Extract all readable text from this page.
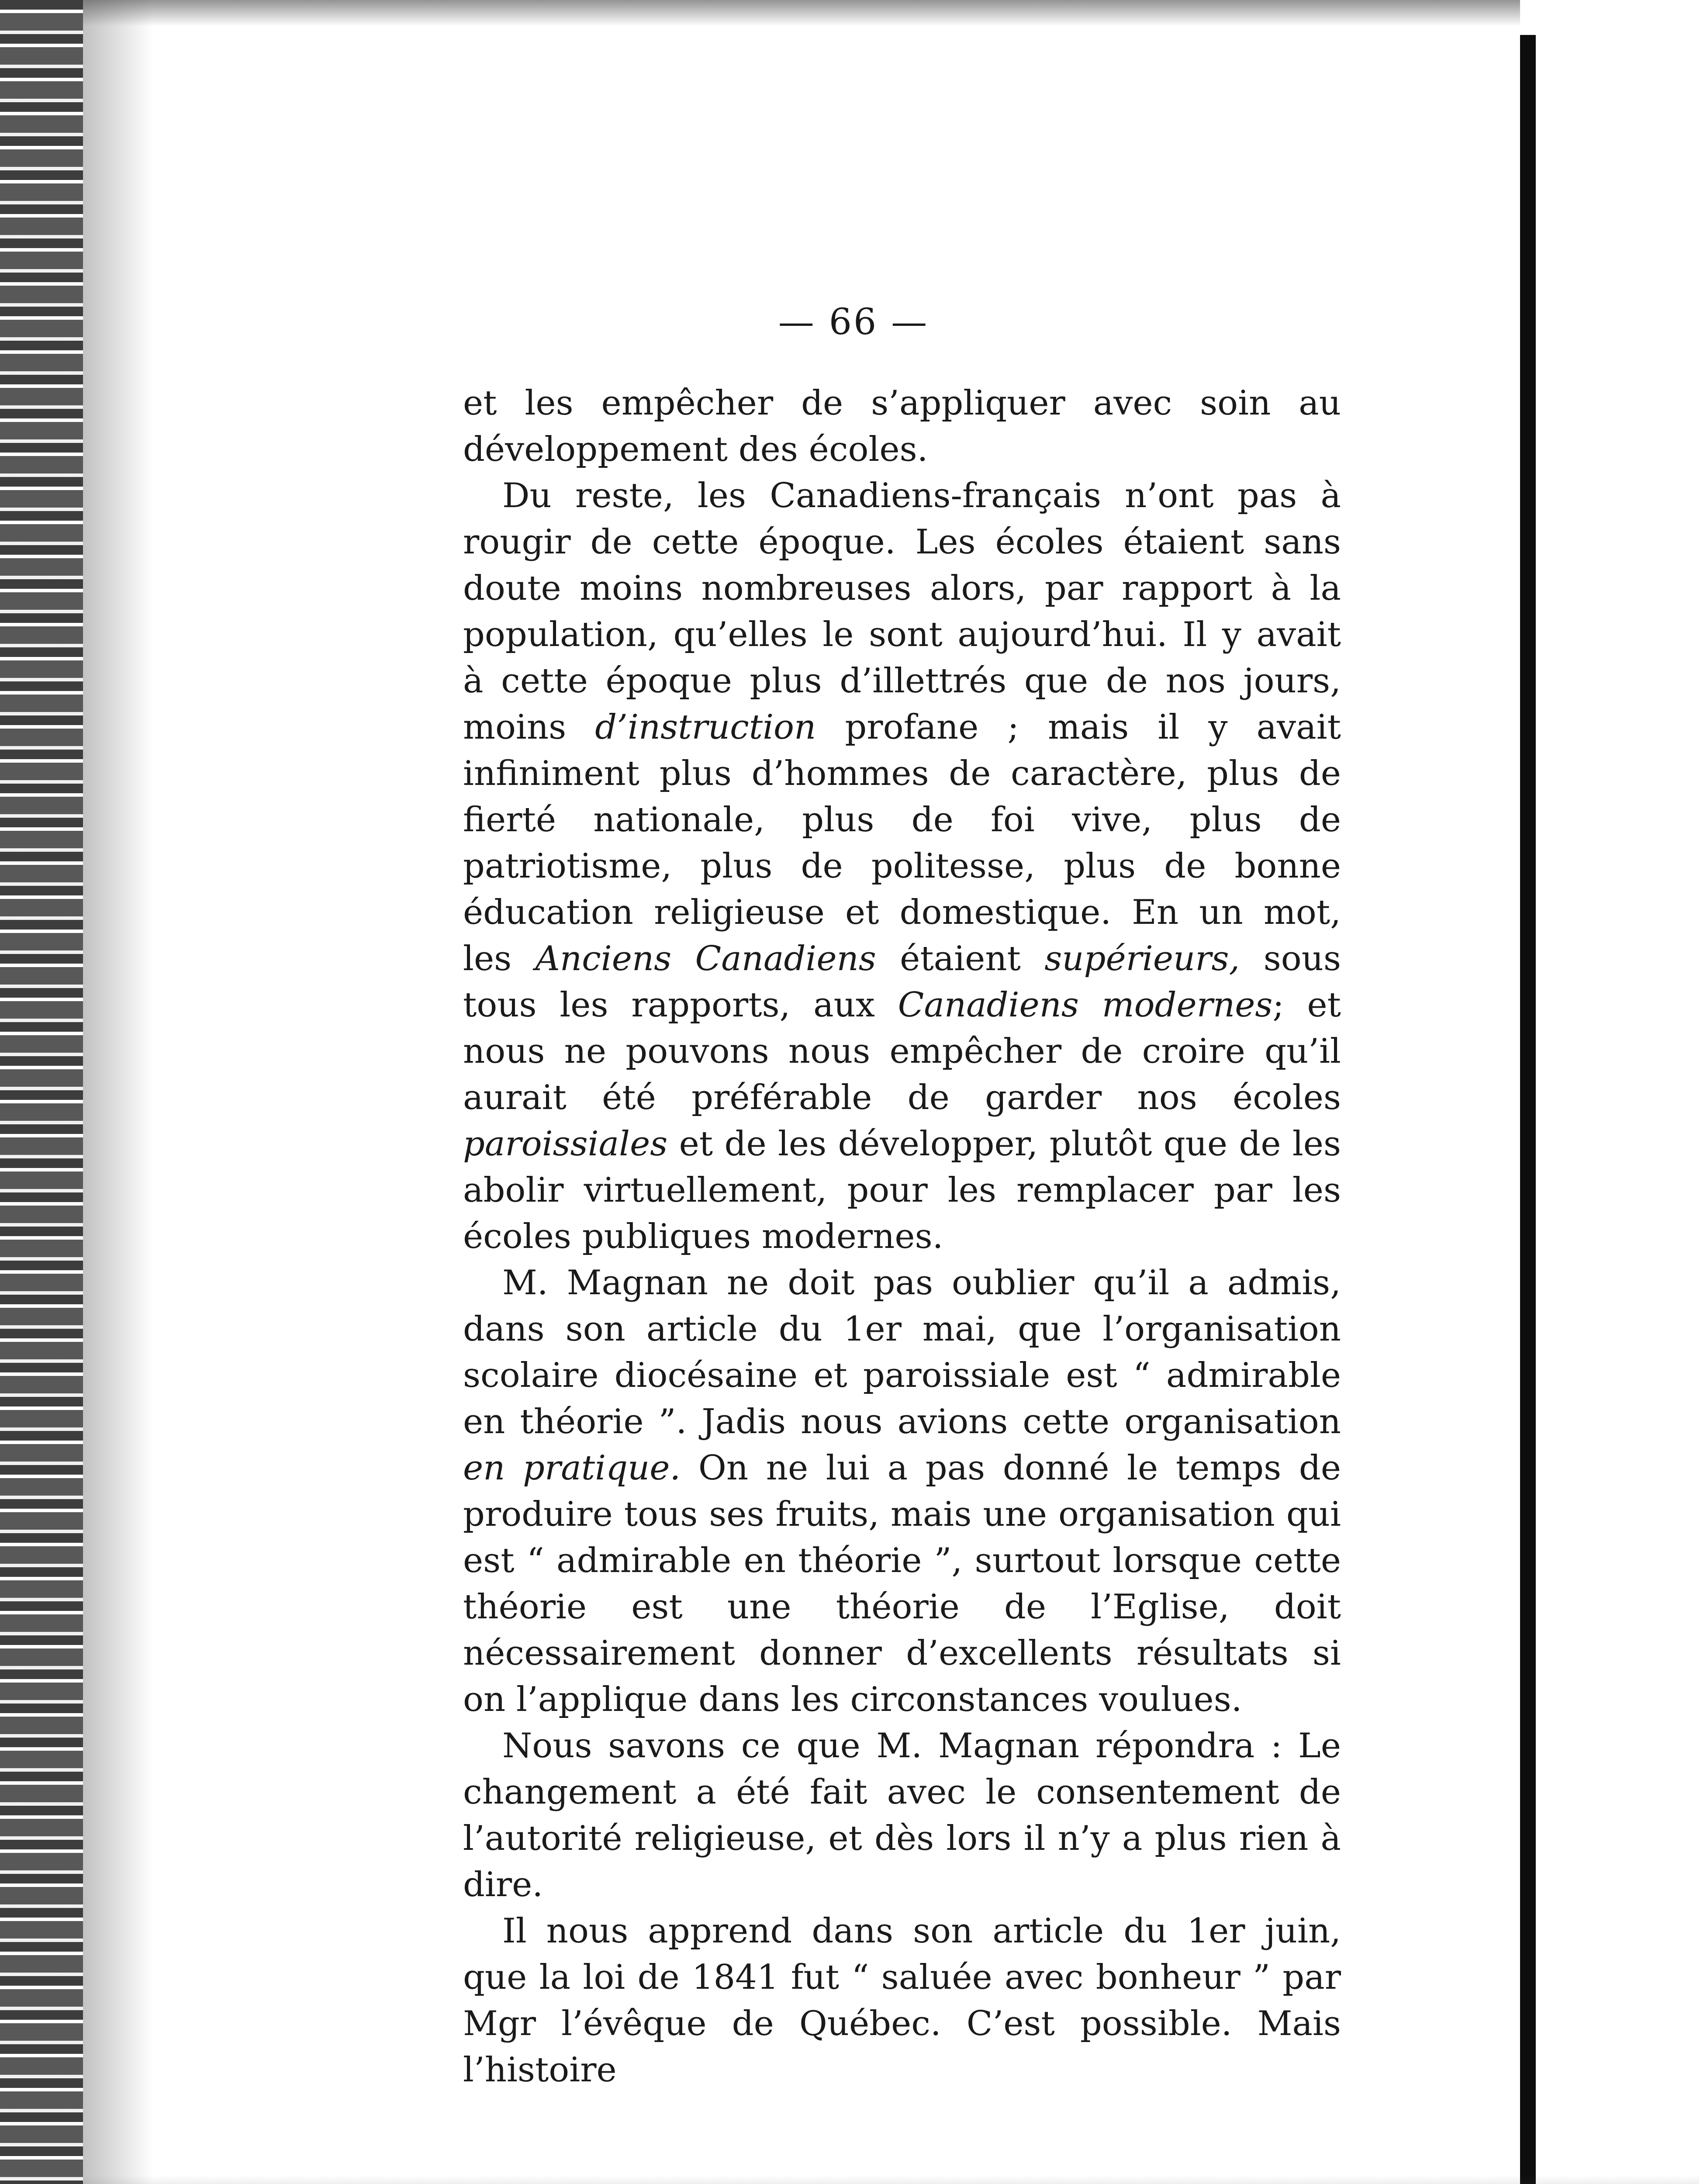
— 66 —

et les empêcher de s’appliquer avec soin au développement des écoles.

Du reste, les Canadiens-français n’ont pas à rougir de cette époque. Les écoles étaient sans doute moins nombreuses alors, par rapport à la population, qu’elles le sont aujourd’hui. Il y avait à cette époque plus d’illettrés que de nos jours, moins d’instruction profane ; mais il y avait infiniment plus d’hommes de caractère, plus de fierté nationale, plus de foi vive, plus de patriotisme, plus de politesse, plus de bonne éducation religieuse et domestique. En un mot, les Anciens Canadiens étaient supérieurs, sous tous les rapports, aux Canadiens modernes; et nous ne pouvons nous empêcher de croire qu’il aurait été préférable de garder nos écoles paroissiales et de les développer, plutôt que de les abolir virtuellement, pour les remplacer par les écoles publiques modernes.

M. Magnan ne doit pas oublier qu’il a admis, dans son article du 1er mai, que l’organisation scolaire diocésaine et paroissiale est “ admirable en théorie ”. Jadis nous avions cette organisation en pratique. On ne lui a pas donné le temps de produire tous ses fruits, mais une organisation qui est “ admirable en théorie ”, surtout lorsque cette théorie est une théorie de l’Eglise, doit nécessairement donner d’excellents résultats si on l’applique dans les circonstances voulues.

Nous savons ce que M. Magnan répondra : Le changement a été fait avec le consentement de l’autorité religieuse, et dès lors il n’y a plus rien à dire.

Il nous apprend dans son article du 1er juin, que la loi de 1841 fut “ saluée avec bonheur ” par Mgr l’évêque de Québec. C’est possible. Mais l’histoire
